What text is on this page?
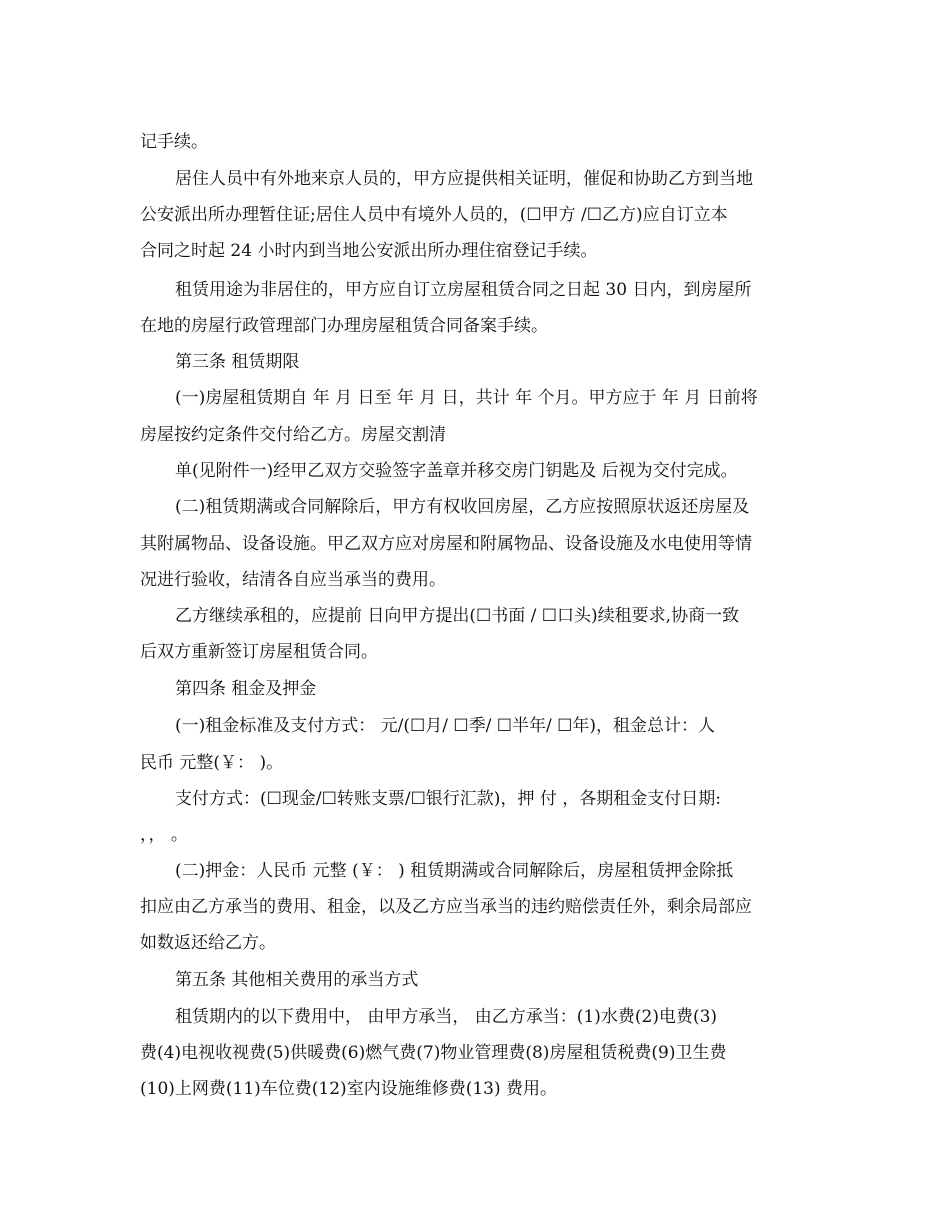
记手续。

居住人员中有外地来京人员的，甲方应提供相关证明，催促和协助乙方到当地

公安派出所办理暂住证;居住人员中有境外人员的，(☐甲方 /☐乙方)应自订立本

合同之时起 24 小时内到当地公安派出所办理住宿登记手续。

租赁用途为非居住的，甲方应自订立房屋租赁合同之日起 30 日内，到房屋所

在地的房屋行政管理部门办理房屋租赁合同备案手续。

第三条 租赁期限

(一)房屋租赁期自 年 月 日至 年 月 日，共计 年 个月。甲方应于 年 月 日前将

房屋按约定条件交付给乙方。房屋交割清

单(见附件一)经甲乙双方交验签字盖章并移交房门钥匙及 后视为交付完成。

(二)租赁期满或合同解除后，甲方有权收回房屋，乙方应按照原状返还房屋及

其附属物品、设备设施。甲乙双方应对房屋和附属物品、设备设施及水电使用等情

况进行验收，结清各自应当承当的费用。

乙方继续承租的，应提前 日向甲方提出(☐书面 / ☐口头)续租要求,协商一致

后双方重新签订房屋租赁合同。

第四条 租金及押金

(一)租金标准及支付方式： 元/(☐月/ ☐季/ ☐半年/ ☐年)，租金总计：人

民币 元整(￥： )。

支付方式：(☐现金/☐转账支票/☐银行汇款)，押 付 ，各期租金支付日期:

，， 。

(二)押金：人民币 元整 (￥： ) 租赁期满或合同解除后，房屋租赁押金除抵

扣应由乙方承当的费用、租金，以及乙方应当承当的违约赔偿责任外，剩余局部应

如数返还给乙方。

第五条 其他相关费用的承当方式

租赁期内的以下费用中， 由甲方承当， 由乙方承当：(1)水费(2)电费(3)

费(4)电视收视费(5)供暖费(6)燃气费(7)物业管理费(8)房屋租赁税费(9)卫生费

(10)上网费(11)车位费(12)室内设施维修费(13) 费用。
